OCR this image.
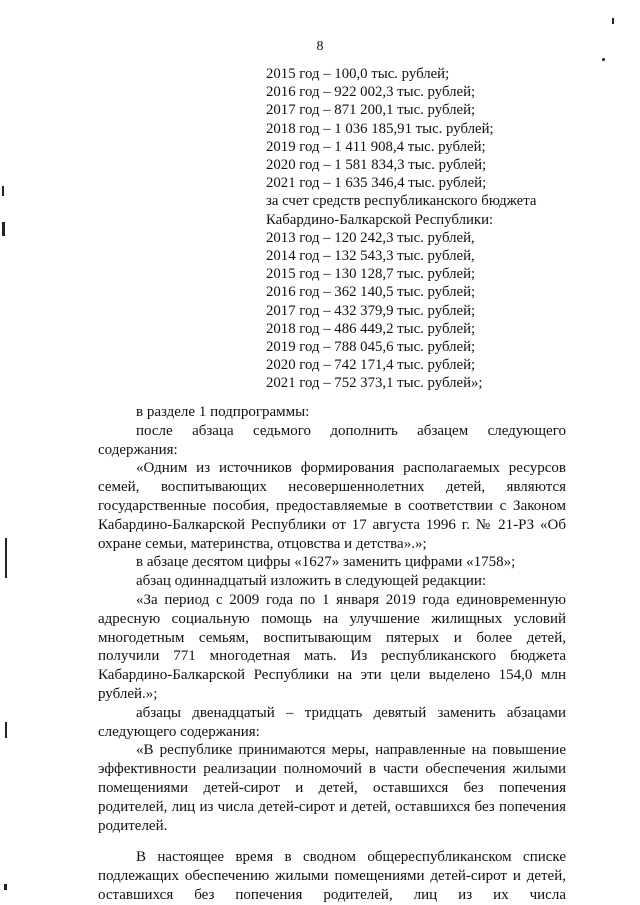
8
2015 год – 100,0 тыс. рублей;
2016 год – 922 002,3 тыс. рублей;
2017 год – 871 200,1 тыс. рублей;
2018 год – 1 036 185,91 тыс. рублей;
2019 год – 1 411 908,4 тыс. рублей;
2020 год – 1 581 834,3 тыс. рублей;
2021 год – 1 635 346,4 тыс. рублей;
за счет средств республиканского бюджета
Кабардино-Балкарской Республики:
2013 год – 120 242,3 тыс. рублей,
2014 год – 132 543,3 тыс. рублей,
2015 год – 130 128,7 тыс. рублей;
2016 год – 362 140,5 тыс. рублей;
2017 год – 432 379,9 тыс. рублей;
2018 год – 486 449,2 тыс. рублей;
2019 год – 788 045,6 тыс. рублей;
2020 год – 742 171,4 тыс. рублей;
2021 год – 752 373,1 тыс. рублей»;

в разделе 1 подпрограммы:

после абзаца седьмого дополнить абзацем следующего содержания:

«Одним из источников формирования располагаемых ресурсов семей, воспитывающих несовершеннолетних детей, являются государственные пособия, предоставляемые в соответствии с Законом Кабардино-Балкарской Республики от 17 августа 1996 г. № 21-РЗ «Об охране семьи, материнства, отцовства и детства».»;

в абзаце десятом цифры «1627» заменить цифрами «1758»;

абзац одиннадцатый изложить в следующей редакции:

«За период с 2009 года по 1 января 2019 года единовременную адресную социальную помощь на улучшение жилищных условий многодетным семьям, воспитывающим пятерых и более детей, получили 771 многодетная мать. Из республиканского бюджета Кабардино-Балкарской Республики на эти цели выделено 154,0 млн рублей.»;

абзацы двенадцатый – тридцать девятый заменить абзацами следующего содержания:

«В республике принимаются меры, направленные на повышение эффективности реализации полномочий в части обеспечения жилыми помещениями детей-сирот и детей, оставшихся без попечения родителей, лиц из числа детей-сирот и детей, оставшихся без попечения родителей.

В настоящее время в сводном общереспубликанском списке подлежащих обеспечению жилыми помещениями детей-сирот и детей, оставшихся без попечения родителей, лиц из их числа
